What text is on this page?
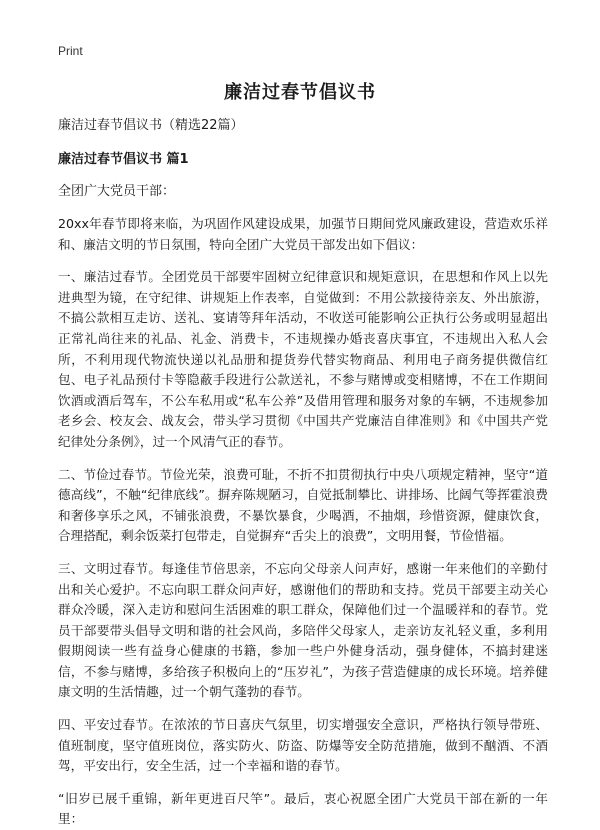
Print
廉洁过春节倡议书

廉洁过春节倡议书（精选22篇）

廉洁过春节倡议书 篇1

全团广大党员干部：

20xx年春节即将来临，为巩固作风建设成果，加强节日期间党风廉政建设，营造欢乐祥和、廉洁文明的节日氛围，特向全团广大党员干部发出如下倡议：

一、廉洁过春节。全团党员干部要牢固树立纪律意识和规矩意识，在思想和作风上以先进典型为镜，在守纪律、讲规矩上作表率，自觉做到：不用公款接待亲友、外出旅游，不搞公款相互走访、送礼、宴请等拜年活动，不收送可能影响公正执行公务或明显超出正常礼尚往来的礼品、礼金、消费卡，不违规操办婚丧喜庆事宜，不违规出入私人会所，不利用现代物流快递以礼品册和提货券代替实物商品、利用电子商务提供微信红包、电子礼品预付卡等隐蔽手段进行公款送礼，不参与赌博或变相赌博，不在工作期间饮酒或酒后驾车，不公车私用或“私车公养”及借用管理和服务对象的车辆，不违规参加老乡会、校友会、战友会，带头学习贯彻《中国共产党廉洁自律准则》和《中国共产党纪律处分条例》，过一个风清气正的春节。

二、节俭过春节。节俭光荣，浪费可耻，不折不扣贯彻执行中央八项规定精神，坚守“道德高线”，不触“纪律底线”。摒弃陈规陋习，自觉抵制攀比、讲排场、比阔气等挥霍浪费和奢侈享乐之风，不铺张浪费，不暴饮暴食，少喝酒，不抽烟，珍惜资源，健康饮食，合理搭配，剩余饭菜打包带走，自觉摒弃“舌尖上的浪费”，文明用餐，节俭惜福。

三、文明过春节。每逢佳节倍思亲，不忘向父母亲人问声好，感谢一年来他们的辛勤付出和关心爱护。不忘向职工群众问声好，感谢他们的帮助和支持。党员干部要主动关心群众冷暖，深入走访和慰问生活困难的职工群众，保障他们过一个温暖祥和的春节。党员干部要带头倡导文明和谐的社会风尚，多陪伴父母家人，走亲访友礼轻义重，多利用假期阅读一些有益身心健康的书籍，参加一些户外健身活动，强身健体，不搞封建迷信，不参与赌博，多给孩子积极向上的“压岁礼”，为孩子营造健康的成长环境。培养健康文明的生活情趣，过一个朝气蓬勃的春节。

四、平安过春节。在浓浓的节日喜庆气氛里，切实增强安全意识，严格执行领导带班、值班制度，坚守值班岗位，落实防火、防盗、防爆等安全防范措施，做到不酗酒、不酒驾，平安出行，安全生活，过一个幸福和谐的春节。

“旧岁已展千重锦，新年更进百尺竿”。最后，衷心祝愿全团广大党员干部在新的一年里：
